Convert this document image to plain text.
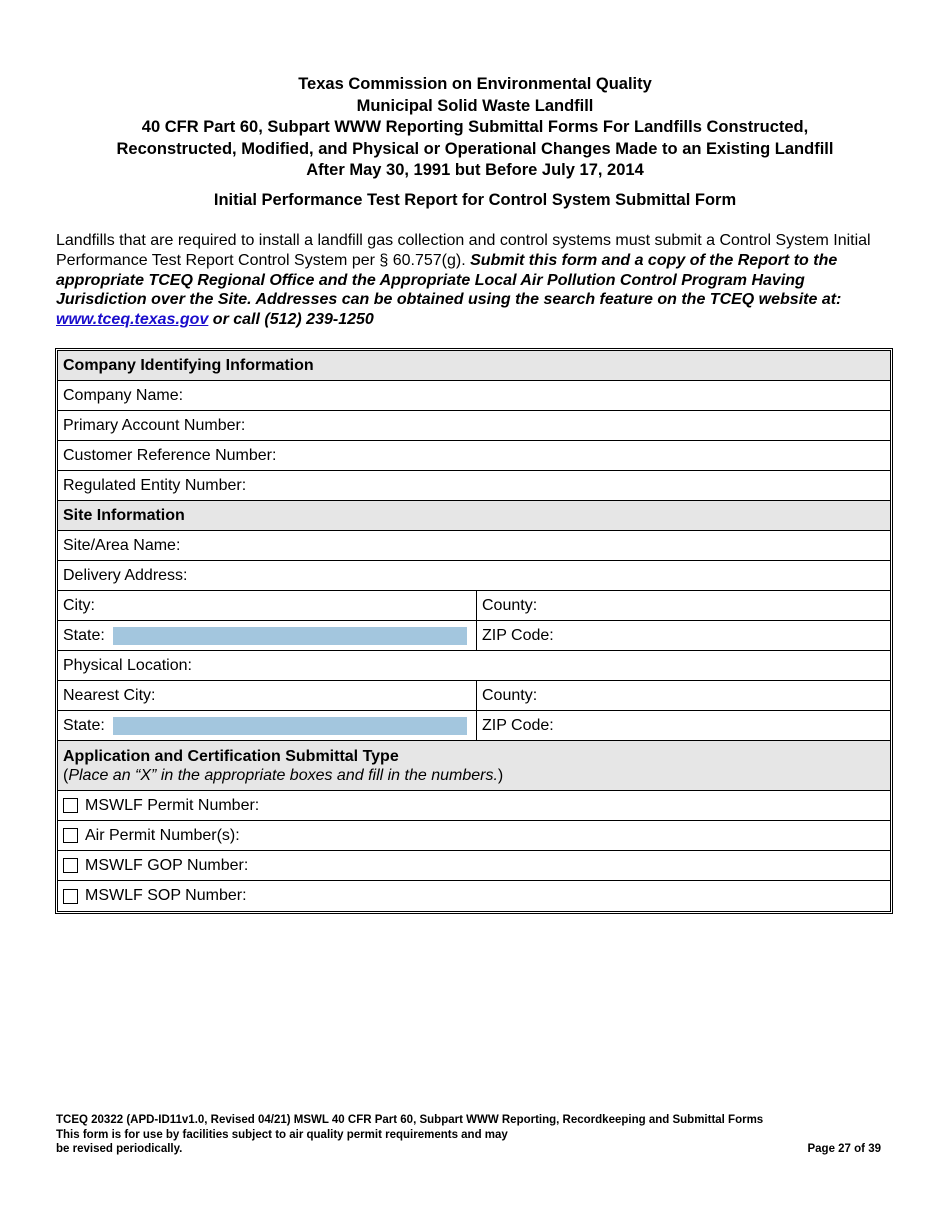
Texas Commission on Environmental Quality
Municipal Solid Waste Landfill
40 CFR Part 60, Subpart WWW Reporting Submittal Forms For Landfills Constructed,
Reconstructed, Modified, and Physical or Operational Changes Made to an Existing Landfill
After May 30, 1991 but Before July 17, 2014
Initial Performance Test Report for Control System Submittal Form
Landfills that are required to install a landfill gas collection and control systems must submit a Control System Initial Performance Test Report Control System per § 60.757(g). Submit this form and a copy of the Report to the appropriate TCEQ Regional Office and the Appropriate Local Air Pollution Control Program Having Jurisdiction over the Site. Addresses can be obtained using the search feature on the TCEQ website at: www.tceq.texas.gov or call (512) 239-1250
Company Identifying Information
Company Name:
Primary Account Number:
Customer Reference Number:
Regulated Entity Number:
Site Information
Site/Area Name:
Delivery Address:
City:	County:
State:	ZIP Code:
Physical Location:
Nearest City:	County:
State:	ZIP Code:
Application and Certification Submittal Type
(Place an “X” in the appropriate boxes and fill in the numbers.)
MSWLF Permit Number:
Air Permit Number(s):
MSWLF GOP Number:
MSWLF SOP Number:
TCEQ 20322 (APD-ID11v1.0, Revised 04/21) MSWL 40 CFR Part 60, Subpart WWW Reporting, Recordkeeping and Submittal Forms
This form is for use by facilities subject to air quality permit requirements and may
be revised periodically.	Page 27 of 39
